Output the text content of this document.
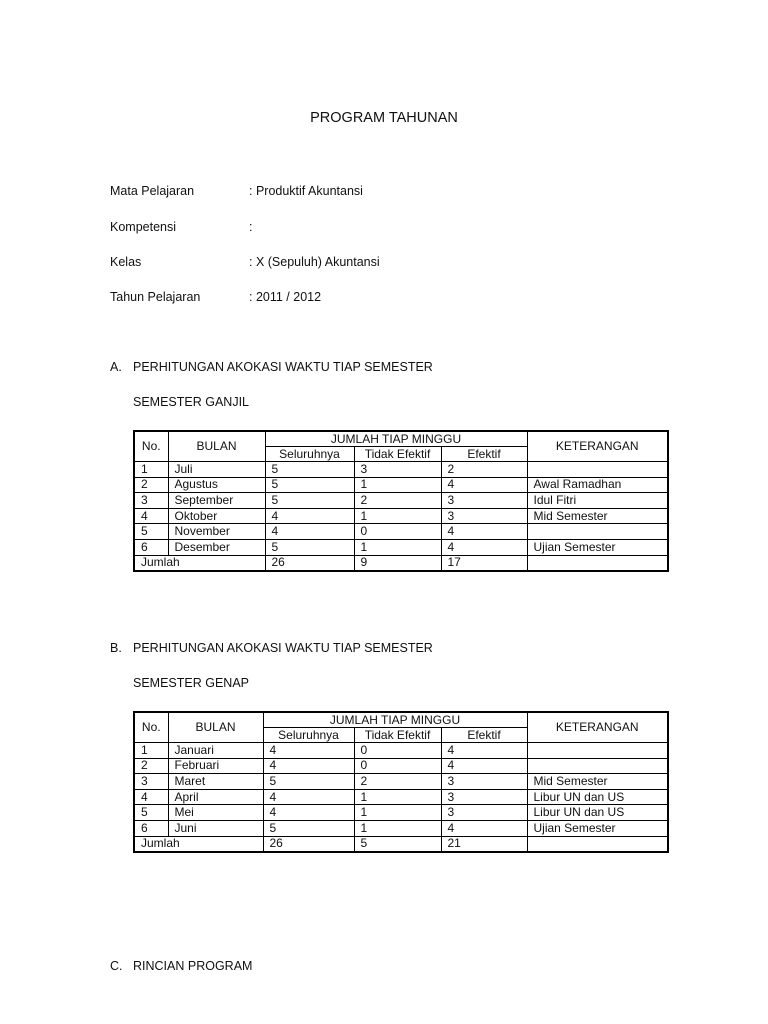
PROGRAM TAHUNAN
Mata Pelajaran	: Produktif Akuntansi
Kompetensi	:
Kelas	: X (Sepuluh) Akuntansi
Tahun Pelajaran	: 2011 / 2012
A. PERHITUNGAN AKOKASI WAKTU TIAP SEMESTER
SEMESTER GANJIL
No.	BULAN	JUMLAH TIAP MINGGU			KETERANGAN
		Seluruhnya	Tidak Efektif	Efektif	
1	Juli	5	3	2	
2	Agustus	5	1	4	Awal Ramadhan
3	September	5	2	3	Idul Fitri
4	Oktober	4	1	3	Mid Semester
5	November	4	0	4	
6	Desember	5	1	4	Ujian Semester
Jumlah		26	9	17	
B. PERHITUNGAN AKOKASI WAKTU TIAP SEMESTER
SEMESTER GENAP
No.	BULAN	JUMLAH TIAP MINGGU			KETERANGAN
		Seluruhnya	Tidak Efektif	Efektif	
1	Januari	4	0	4	
2	Februari	4	0	4	
3	Maret	5	2	3	Mid Semester
4	April	4	1	3	Libur UN dan US
5	Mei	4	1	3	Libur UN dan US
6	Juni	5	1	4	Ujian Semester
Jumlah		26	5	21	
C. RINCIAN PROGRAM
